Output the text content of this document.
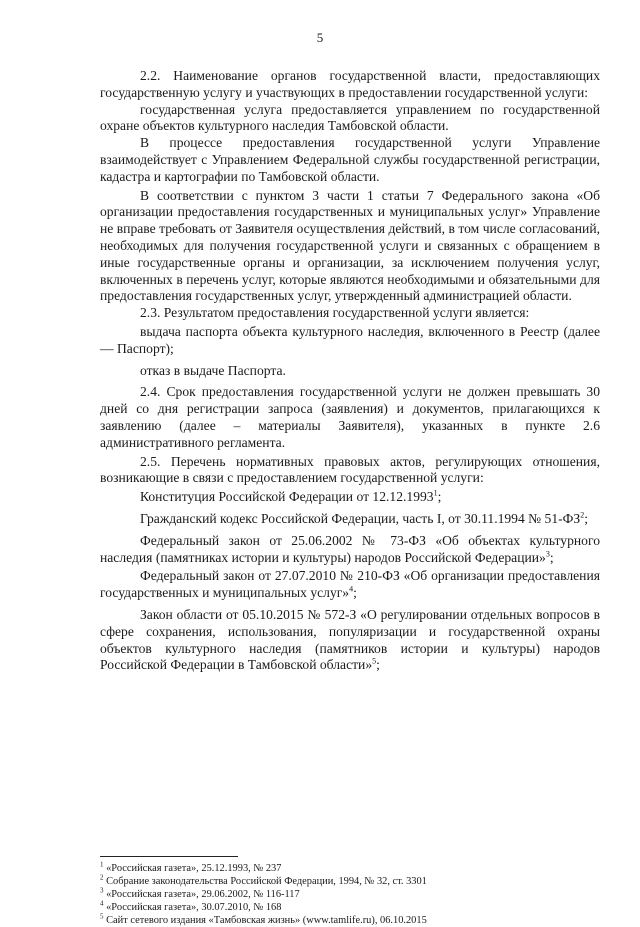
5

2.2. Наименование органов государственной власти, предоставляющих государственную услугу и участвующих в предоставлении государственной услуги:

государственная услуга предоставляется управлением по государственной охране объектов культурного наследия Тамбовской области.

В процессе предоставления государственной услуги Управление взаимодействует с Управлением Федеральной службы государственной регистрации, кадастра и картографии по Тамбовской области.

В соответствии с пунктом 3 части 1 статьи 7 Федерального закона «Об организации предоставления государственных и муниципальных услуг» Управление не вправе требовать от Заявителя осуществления действий, в том числе согласований, необходимых для получения государственной услуги и связанных с обращением в иные государственные органы и организации, за исключением получения услуг, включенных в перечень услуг, которые являются необходимыми и обязательными для предоставления государственных услуг, утвержденный администрацией области.

2.3. Результатом предоставления государственной услуги является:

выдача паспорта объекта культурного наследия, включенного в Реестр (далее — Паспорт);

отказ в выдаче Паспорта.

2.4. Срок предоставления государственной услуги не должен превышать 30 дней со дня регистрации запроса (заявления) и документов, прилагающихся к заявлению (далее – материалы Заявителя), указанных в пункте 2.6 административного регламента.

2.5. Перечень нормативных правовых актов, регулирующих отношения, возникающие в связи с предоставлением государственной услуги:

Конституция Российской Федерации от 12.12.1993$^1$;

Гражданский кодекс Российской Федерации, часть I, от 30.11.1994 № $51-ФЗ^2$;

Федеральный закон от 25.06.2002 № 73-ФЗ «Об объектах культурного наследия (памятниках истории и культуры) народов Российской Федерации»$^3$;

Федеральный закон от 27.07.2010 № 210-ФЗ «Об организации предоставления государственных и муниципальных услуг»$^4$;

Закон области от 05.10.2015 № 572-З «О регулировании отдельных вопросов в сфере сохранения, использования, популяризации и государственной охраны объектов культурного наследия (памятников истории и культуры) народов Российской Федерации в Тамбовской области»$^5$;

$^1$ «Российская газета», 25.12.1993, № 237
$^2$ Собрание законодательства Российской Федерации, 1994, № 32, ст. 3301
$^3$ «Российская газета», 29.06.2002, № 116-117
$^4$ «Российская газета», 30.07.2010, № 168
$^5$ Сайт сетевого издания «Тамбовская жизнь» (www.tamlife.ru), 06.10.2015
